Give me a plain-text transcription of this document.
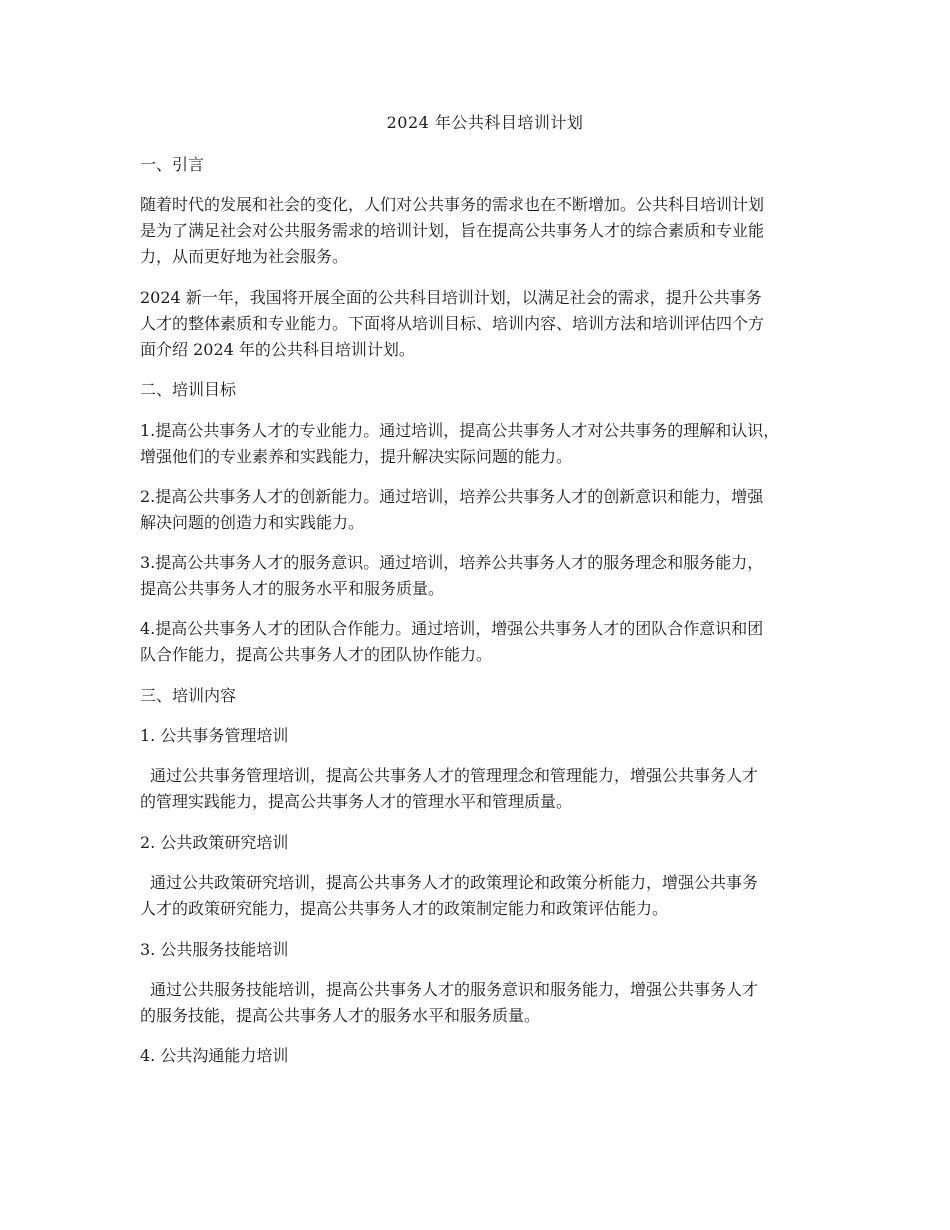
2024 年公共科目培训计划
一、引言
随着时代的发展和社会的变化，人们对公共事务的需求也在不断增加。公共科目培训计划
是为了满足社会对公共服务需求的培训计划，旨在提高公共事务人才的综合素质和专业能
力，从而更好地为社会服务。
2024 新一年，我国将开展全面的公共科目培训计划，以满足社会的需求，提升公共事务
人才的整体素质和专业能力。下面将从培训目标、培训内容、培训方法和培训评估四个方
面介绍 2024 年的公共科目培训计划。
二、培训目标
1.提高公共事务人才的专业能力。通过培训，提高公共事务人才对公共事务的理解和认识，
增强他们的专业素养和实践能力，提升解决实际问题的能力。
2.提高公共事务人才的创新能力。通过培训，培养公共事务人才的创新意识和能力，增强
解决问题的创造力和实践能力。
3.提高公共事务人才的服务意识。通过培训，培养公共事务人才的服务理念和服务能力，
提高公共事务人才的服务水平和服务质量。
4.提高公共事务人才的团队合作能力。通过培训，增强公共事务人才的团队合作意识和团
队合作能力，提高公共事务人才的团队协作能力。
三、培训内容
1. 公共事务管理培训
通过公共事务管理培训，提高公共事务人才的管理理念和管理能力，增强公共事务人才
的管理实践能力，提高公共事务人才的管理水平和管理质量。
2. 公共政策研究培训
通过公共政策研究培训，提高公共事务人才的政策理论和政策分析能力，增强公共事务
人才的政策研究能力，提高公共事务人才的政策制定能力和政策评估能力。
3. 公共服务技能培训
通过公共服务技能培训，提高公共事务人才的服务意识和服务能力，增强公共事务人才
的服务技能，提高公共事务人才的服务水平和服务质量。
4. 公共沟通能力培训
